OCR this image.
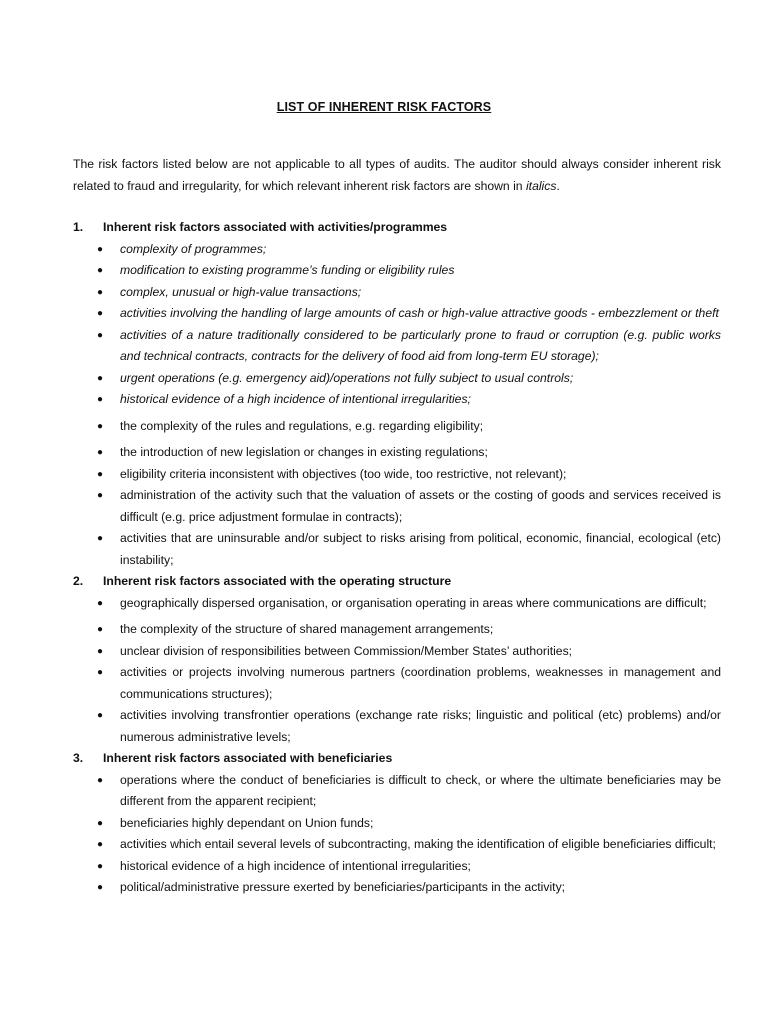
LIST OF INHERENT RISK FACTORS

The risk factors listed below are not applicable to all types of audits. The auditor should always consider inherent risk related to fraud and irregularity, for which relevant inherent risk factors are shown in italics.

1.	Inherent risk factors associated with activities/programmes
● complexity of programmes;
● modification to existing programme’s funding or eligibility rules
● complex, unusual or high-value transactions;
● activities involving the handling of large amounts of cash or high-value attractive goods - embezzlement or theft
● activities of a nature traditionally considered to be particularly prone to fraud or corruption (e.g. public works and technical contracts, contracts for the delivery of food aid from long-term EU storage);
● urgent operations (e.g. emergency aid)/operations not fully subject to usual controls;
● historical evidence of a high incidence of intentional irregularities;
● the complexity of the rules and regulations, e.g. regarding eligibility;
● the introduction of new legislation or changes in existing regulations;
● eligibility criteria inconsistent with objectives (too wide, too restrictive, not relevant);
● administration of the activity such that the valuation of assets or the costing of goods and services received is difficult (e.g. price adjustment formulae in contracts);
● activities that are uninsurable and/or subject to risks arising from political, economic, financial, ecological (etc) instability;
2.	Inherent risk factors associated with the operating structure
● geographically dispersed organisation, or organisation operating in areas where communications are difficult;
● the complexity of the structure of shared management arrangements;
● unclear division of responsibilities between Commission/Member States’ authorities;
● activities or projects involving numerous partners (coordination problems, weaknesses in management and communications structures);
● activities involving transfrontier operations (exchange rate risks; linguistic and political (etc) problems) and/or numerous administrative levels;
3.	Inherent risk factors associated with beneficiaries
● operations where the conduct of beneficiaries is difficult to check, or where the ultimate beneficiaries may be different from the apparent recipient;
● beneficiaries highly dependant on Union funds;
● activities which entail several levels of subcontracting, making the identification of eligible beneficiaries difficult;
● historical evidence of a high incidence of intentional irregularities;
● political/administrative pressure exerted by beneficiaries/participants in the activity;
